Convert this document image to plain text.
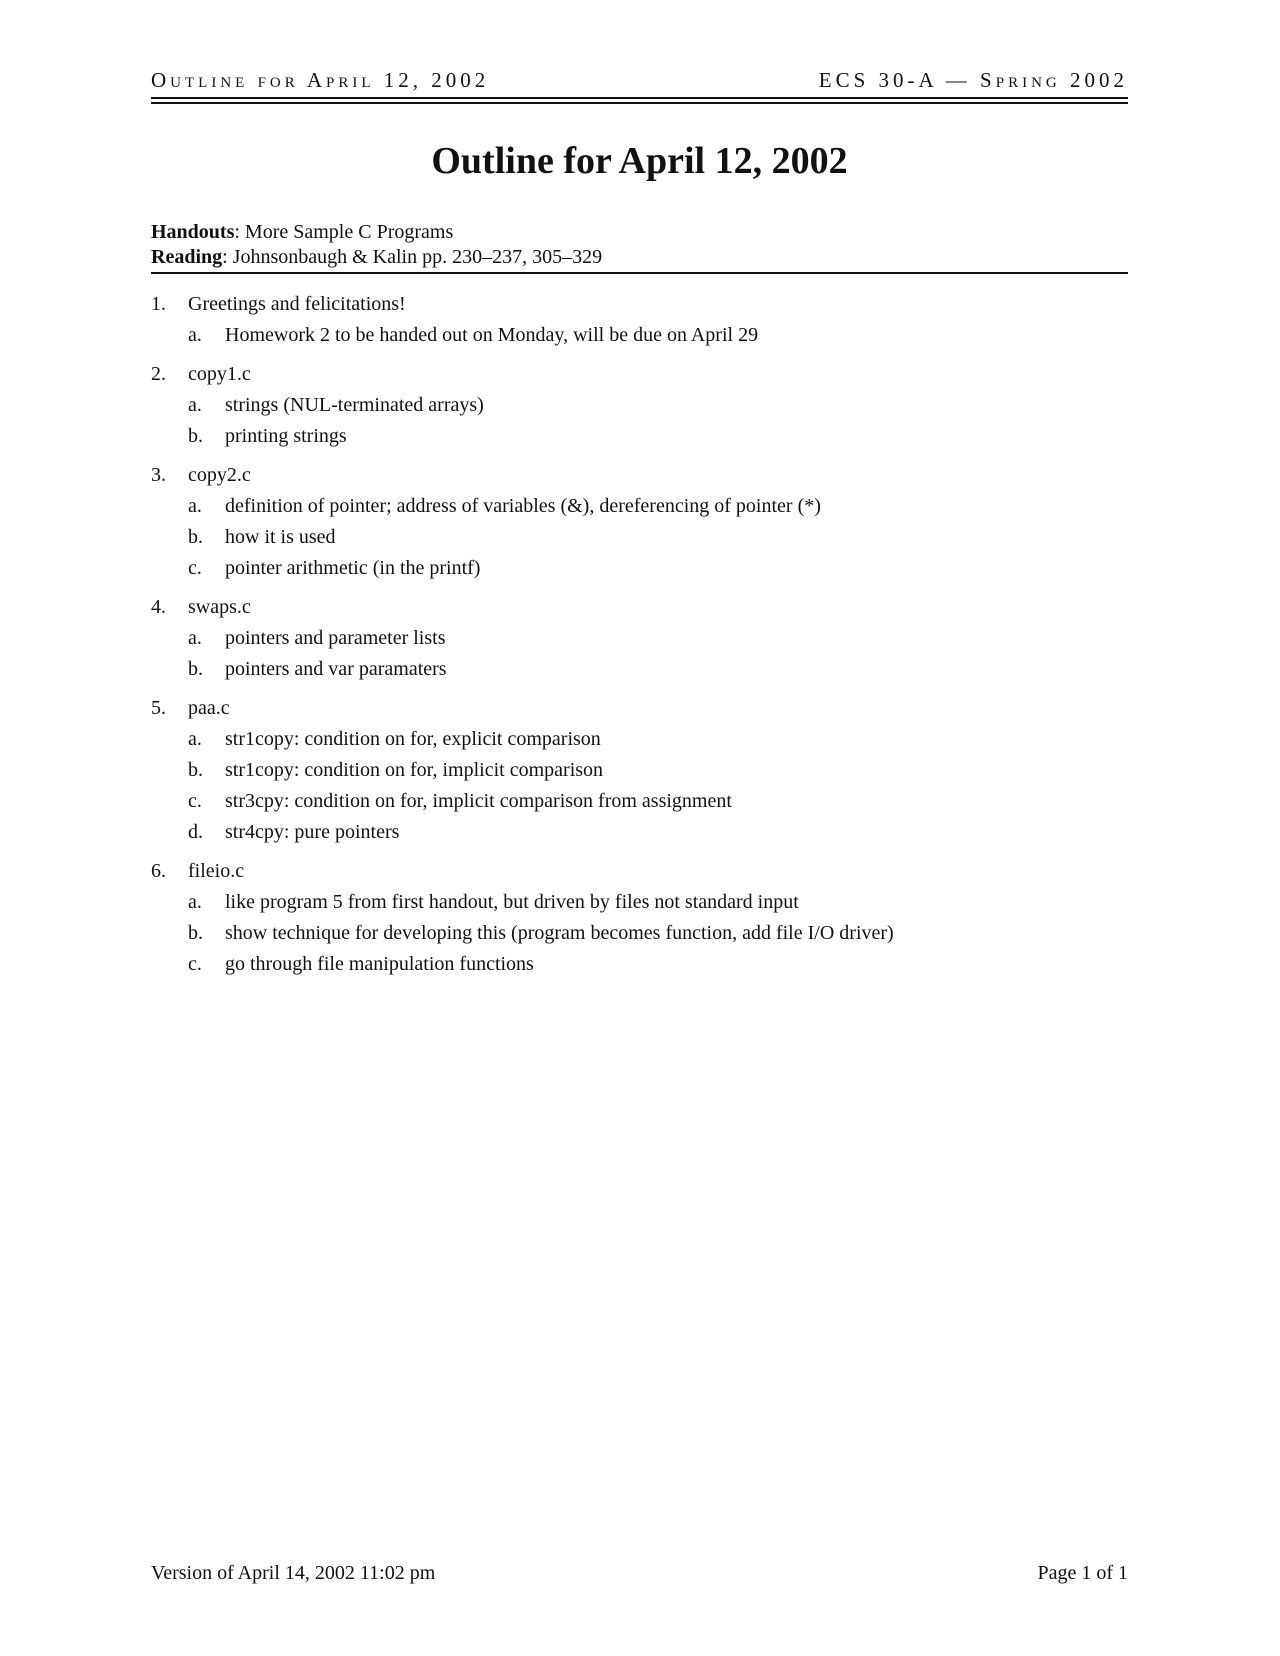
Outline for April 12, 2002	ECS 30-A — Spring 2002
Outline for April 12, 2002
Handouts: More Sample C Programs
Reading: Johnsonbaugh & Kalin pp. 230–237, 305–329
1. Greetings and felicitations!
a. Homework 2 to be handed out on Monday, will be due on April 29
2. copy1.c
a. strings (NUL-terminated arrays)
b. printing strings
3. copy2.c
a. definition of pointer; address of variables (&), dereferencing of pointer (*)
b. how it is used
c. pointer arithmetic (in the printf)
4. swaps.c
a. pointers and parameter lists
b. pointers and var paramaters
5. paa.c
a. str1copy: condition on for, explicit comparison
b. str1copy: condition on for, implicit comparison
c. str3cpy: condition on for, implicit comparison from assignment
d. str4cpy: pure pointers
6. fileio.c
a. like program 5 from first handout, but driven by files not standard input
b. show technique for developing this (program becomes function, add file I/O driver)
c. go through file manipulation functions
Version of April 14, 2002 11:02 pm	Page 1 of 1
